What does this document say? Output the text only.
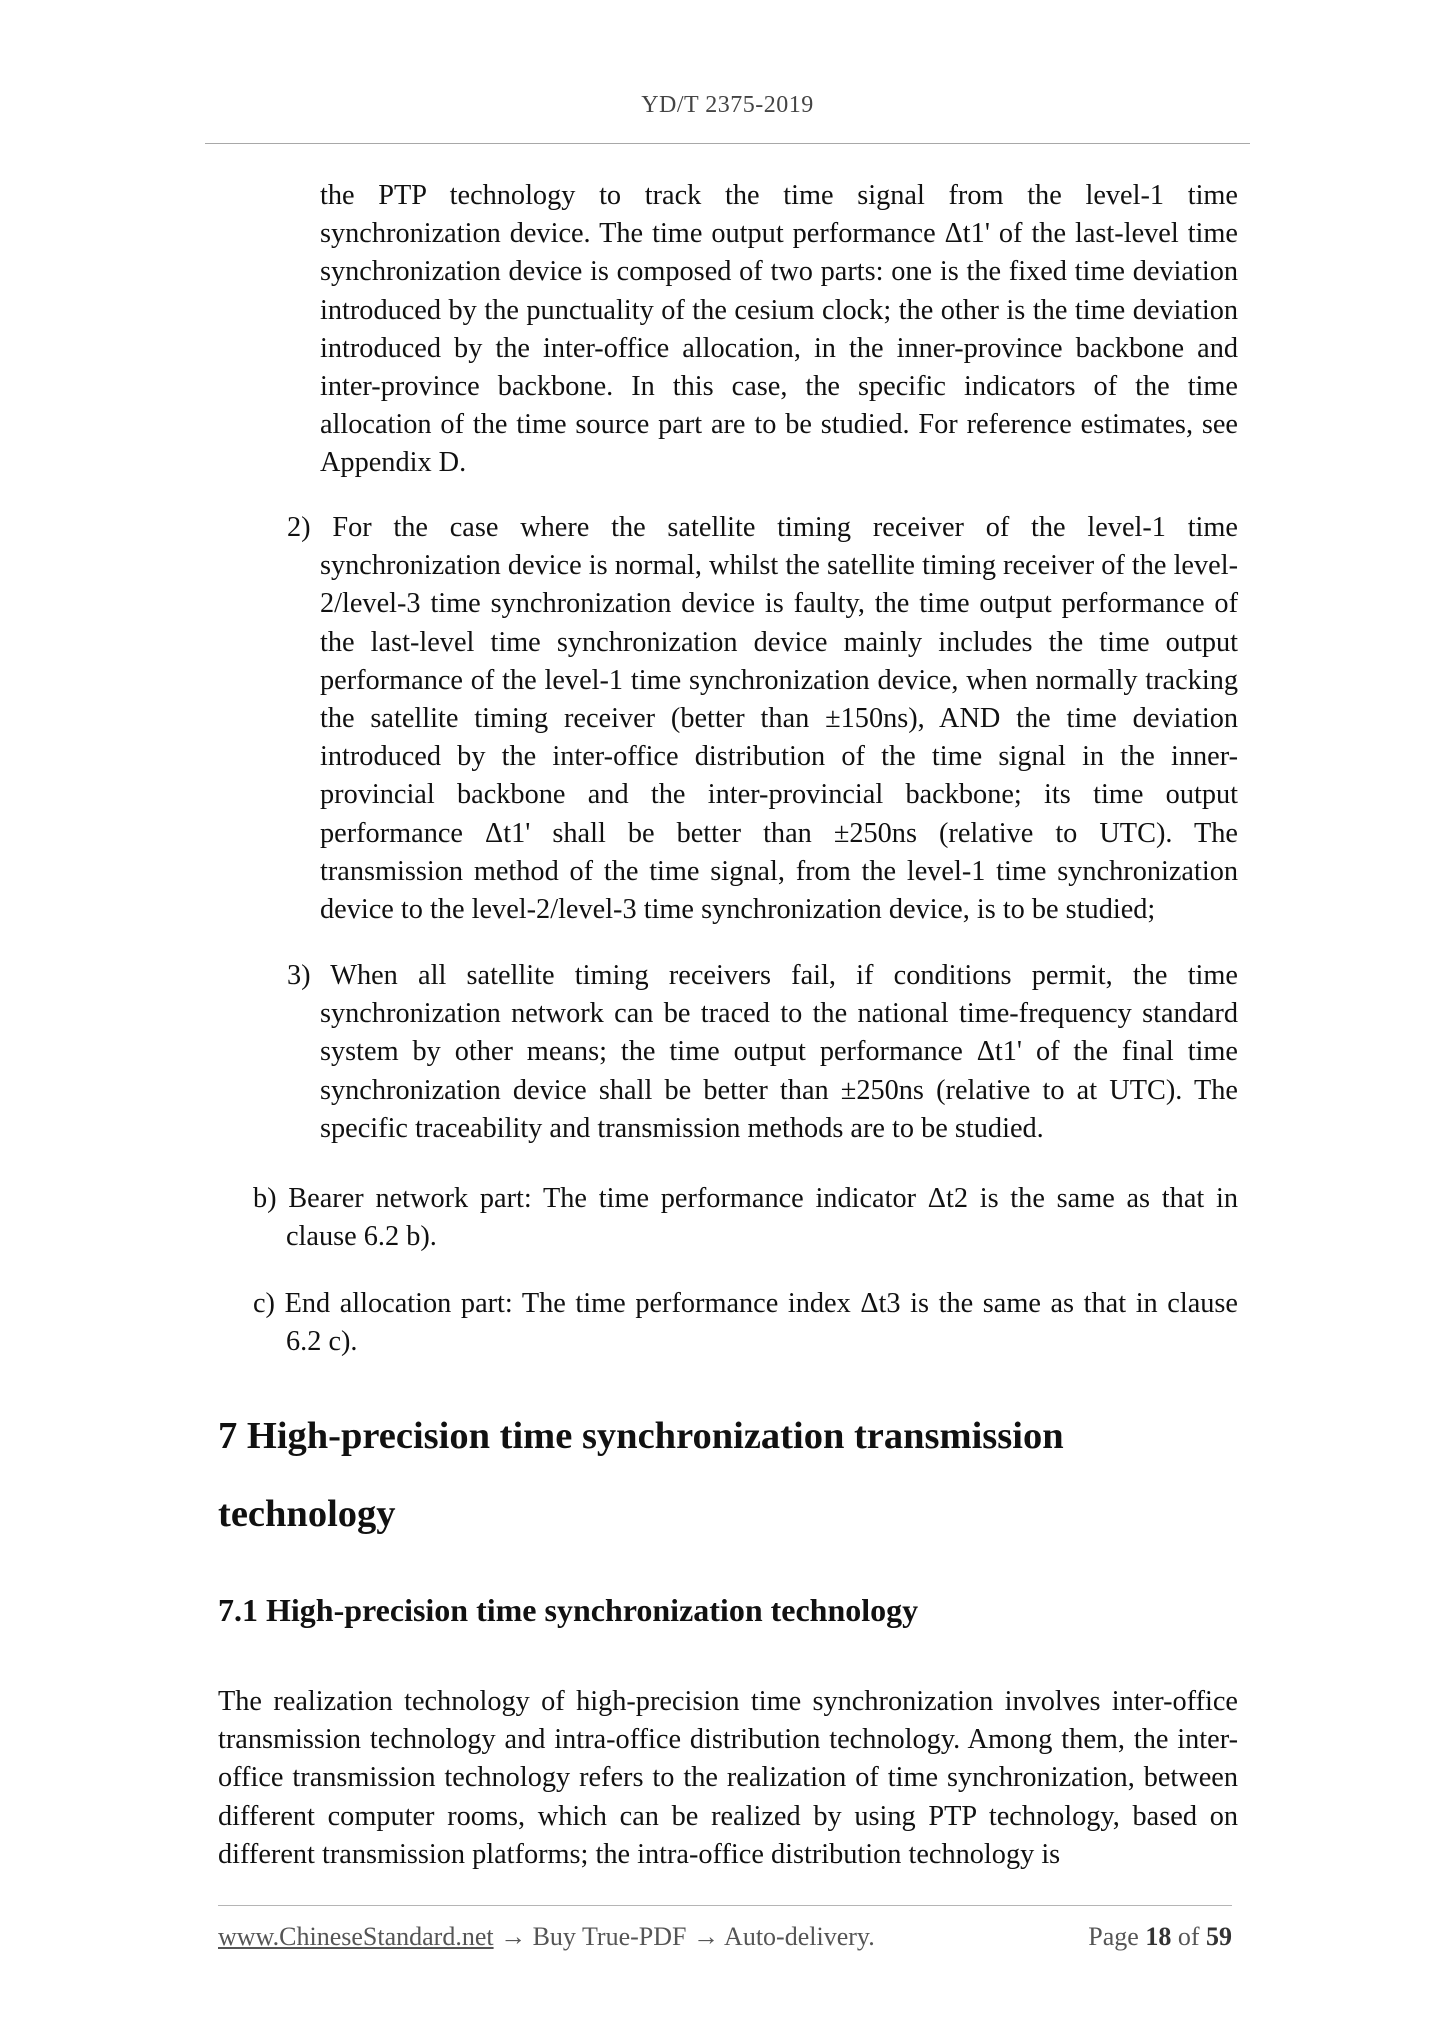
YD/T 2375-2019

the PTP technology to track the time signal from the level-1 time synchronization device. The time output performance Δt1' of the last-level time synchronization device is composed of two parts: one is the fixed time deviation introduced by the punctuality of the cesium clock; the other is the time deviation introduced by the inter-office allocation, in the inner-province backbone and inter-province backbone. In this case, the specific indicators of the time allocation of the time source part are to be studied. For reference estimates, see Appendix D.

2) For the case where the satellite timing receiver of the level-1 time synchronization device is normal, whilst the satellite timing receiver of the level-2/level-3 time synchronization device is faulty, the time output performance of the last-level time synchronization device mainly includes the time output performance of the level-1 time synchronization device, when normally tracking the satellite timing receiver (better than ±150ns), AND the time deviation introduced by the inter-office distribution of the time signal in the inner-provincial backbone and the inter-provincial backbone; its time output performance Δt1' shall be better than ±250ns (relative to UTC). The transmission method of the time signal, from the level-1 time synchronization device to the level-2/level-3 time synchronization device, is to be studied;

3) When all satellite timing receivers fail, if conditions permit, the time synchronization network can be traced to the national time-frequency standard system by other means; the time output performance Δt1' of the final time synchronization device shall be better than ±250ns (relative to at UTC). The specific traceability and transmission methods are to be studied.

b) Bearer network part: The time performance indicator Δt2 is the same as that in clause 6.2 b).

c) End allocation part: The time performance index Δt3 is the same as that in clause 6.2 c).

7 High-precision time synchronization transmission technology
7.1 High-precision time synchronization technology

The realization technology of high-precision time synchronization involves inter-office transmission technology and intra-office distribution technology. Among them, the inter-office transmission technology refers to the realization of time synchronization, between different computer rooms, which can be realized by using PTP technology, based on different transmission platforms; the intra-office distribution technology is

www.ChineseStandard.net → Buy True-PDF → Auto-delivery.	Page 18 of 59
